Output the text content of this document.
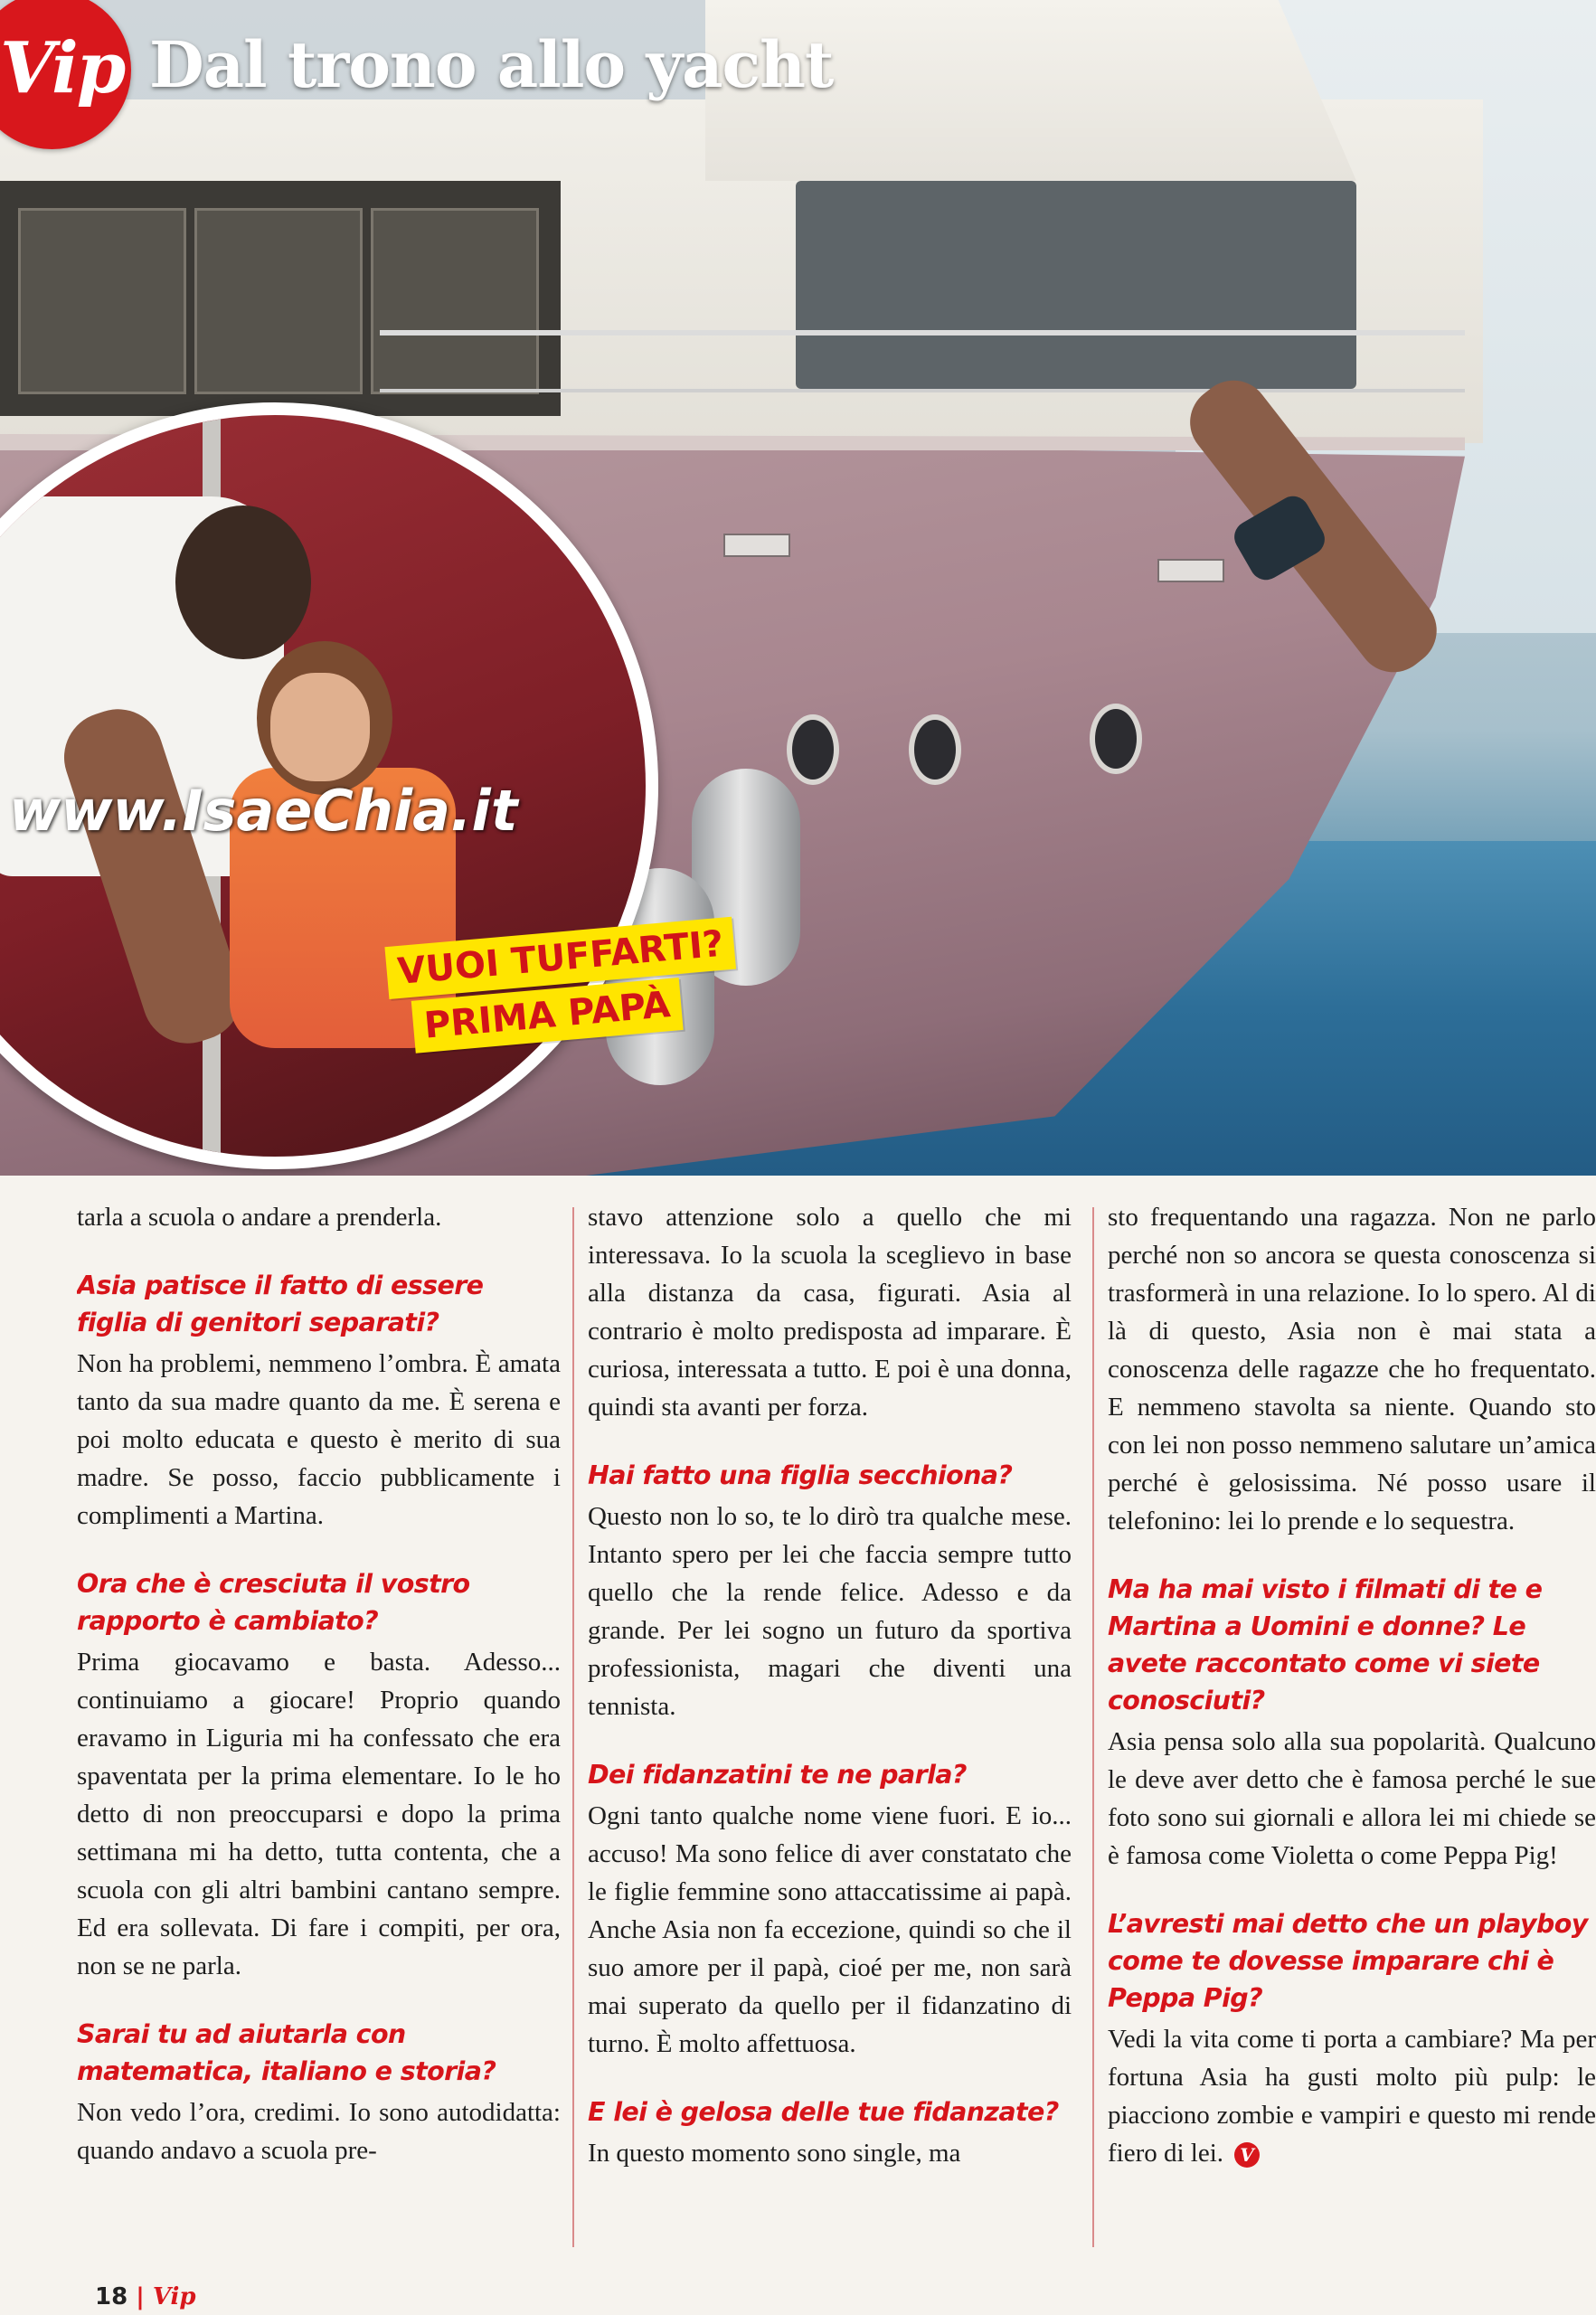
Vip Dal trono allo yacht
www.IsaeChia.it
VUOI TUFFARTI?
PRIMA PAPÀ

tarla a scuola o andare a prenderla.

Asia patisce il fatto di essere figlia di genitori separati?

Non ha problemi, nemmeno l’ombra. È amata tanto da sua madre quanto da me. È serena e poi molto educata e questo è merito di sua madre. Se posso, faccio pubblicamente i complimenti a Martina.

Ora che è cresciuta il vostro rapporto è cambiato?

Prima giocavamo e basta. Adesso... continuiamo a giocare! Proprio quando eravamo in Liguria mi ha confessato che era spaventata per la prima elementare. Io le ho detto di non preoccuparsi e dopo la prima settimana mi ha detto, tutta contenta, che a scuola con gli altri bambini cantano sempre. Ed era sollevata. Di fare i compiti, per ora, non se ne parla.

Sarai tu ad aiutarla con matematica, italiano e storia?

Non vedo l’ora, credimi. Io sono autodidatta: quando andavo a scuola pre-

stavo attenzione solo a quello che mi interessava. Io la scuola la sceglievo in base alla distanza da casa, figurati. Asia al contrario è molto predisposta ad imparare. È curiosa, interessata a tutto. E poi è una donna, quindi sta avanti per forza.

Hai fatto una figlia secchiona?

Questo non lo so, te lo dirò tra qualche mese. Intanto spero per lei che faccia sempre tutto quello che la rende felice. Adesso e da grande. Per lei sogno un futuro da sportiva professionista, magari che diventi una tennista.

Dei fidanzatini te ne parla?

Ogni tanto qualche nome viene fuori. E io... accuso! Ma sono felice di aver constatato che le figlie femmine sono attaccatissime ai papà. Anche Asia non fa eccezione, quindi so che il suo amore per il papà, cioé per me, non sarà mai superato da quello per il fidanzatino di turno. È molto affettuosa.

E lei è gelosa delle tue fidanzate?

In questo momento sono single, ma

sto frequentando una ragazza. Non ne parlo perché non so ancora se questa conoscenza si trasformerà in una relazione. Io lo spero. Al di là di questo, Asia non è mai stata a conoscenza delle ragazze che ho frequentato. E nemmeno stavolta sa niente. Quando sto con lei non posso nemmeno salutare un’amica perché è gelosissima. Né posso usare il telefonino: lei lo prende e lo sequestra.

Ma ha mai visto i filmati di te e Martina a Uomini e donne? Le avete raccontato come vi siete conosciuti?

Asia pensa solo alla sua popolarità. Qualcuno le deve aver detto che è famosa perché le sue foto sono sui giornali e allora lei mi chiede se è famosa come Violetta o come Peppa Pig!

L’avresti mai detto che un playboy come te dovesse imparare chi è Peppa Pig?

Vedi la vita come ti porta a cambiare? Ma per fortuna Asia ha gusti molto più pulp: le piacciono zombie e vampiri e questo mi rende fiero di lei. V

18 | Vip
